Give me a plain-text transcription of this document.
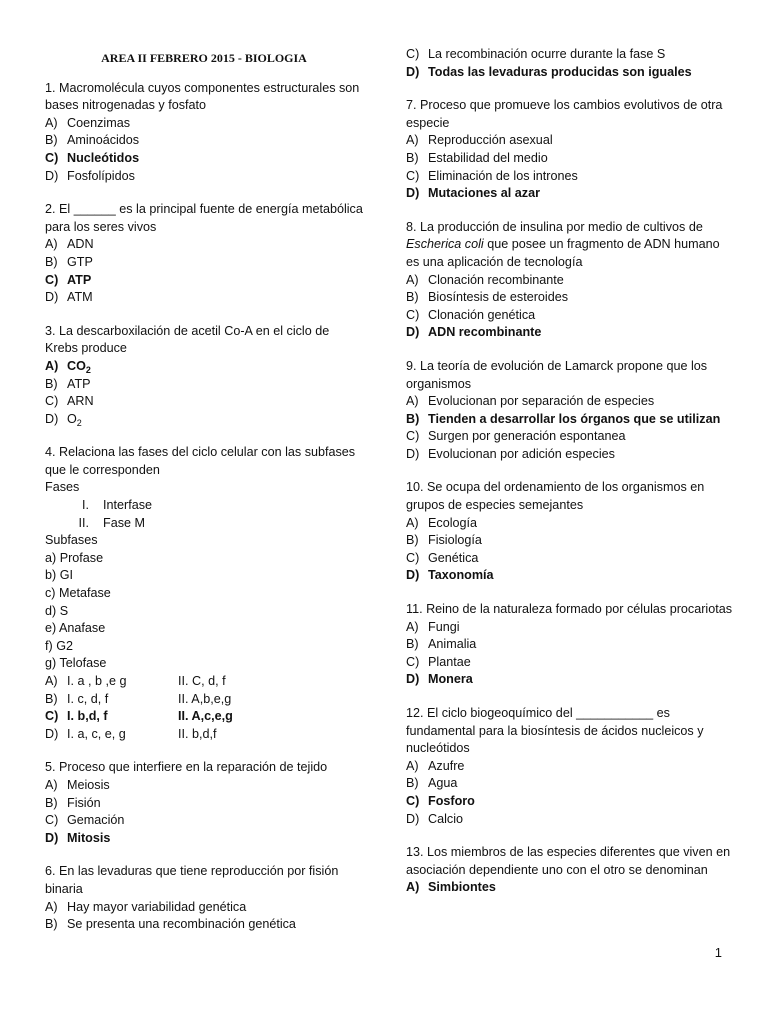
AREA II FEBRERO 2015 - BIOLOGIA
1. Macromolécula cuyos componentes estructurales son bases nitrogenadas y fosfato
A) Coenzimas
B) Aminoácidos
C) Nucleótidos
D) Fosfolípidos
2. El ______ es la principal fuente de energía metabólica para los seres vivos
A) ADN
B) GTP
C) ATP
D) ATM
3. La descarboxilación de acetil Co-A en el ciclo de Krebs produce
A) $CO_2$
B) ATP
C) ARN
D) $O_2$
4. Relaciona las fases del ciclo celular con las subfases que le corresponden
Fases
I.	Interfase
II.	Fase M
Subfases
a) Profase
b) GI
c) Metafase
d) S
e) Anafase
f) G2
g) Telofase
A) I. a , b ,e g	II. C, d, f
B) I. c, d, f	II. A,b,e,g
C) I. b,d, f	II. A,c,e,g
D) I. a, c, e, g	II. b,d,f
5. Proceso que interfiere en la reparación de tejido
A) Meiosis
B) Fisión
C) Gemación
D) Mitosis
6. En las levaduras que tiene reproducción por fisión binaria
A) Hay mayor variabilidad genética
B) Se presenta una recombinación genética
C) La recombinación ocurre durante la fase S
D) Todas las levaduras producidas son iguales
7. Proceso que promueve los cambios evolutivos de otra especie
A) Reproducción asexual
B) Estabilidad del medio
C) Eliminación de los intrones
D) Mutaciones al azar
8. La producción de insulina por medio de cultivos de Escherica coli que posee un fragmento de ADN humano es una aplicación de tecnología
A) Clonación recombinante
B) Biosíntesis de esteroides
C) Clonación genética
D) ADN recombinante
9. La teoría de evolución de Lamarck propone que los organismos
A) Evolucionan por separación de especies
B) Tienden a desarrollar los órganos que se utilizan
C) Surgen por generación espontanea
D) Evolucionan por adición especies
10. Se ocupa del ordenamiento de los organismos en grupos de especies semejantes
A) Ecología
B) Fisiología
C) Genética
D) Taxonomía
11. Reino de la naturaleza formado por células procariotas
A) Fungi
B) Animalia
C) Plantae
D) Monera
12. El ciclo biogeoquímico del ___________ es fundamental para la biosíntesis de ácidos nucleicos y nucleótidos
A) Azufre
B) Agua
C) Fosforo
D) Calcio
13. Los miembros de las especies diferentes que viven en asociación dependiente uno con el otro se denominan
A) Simbiontes
1
